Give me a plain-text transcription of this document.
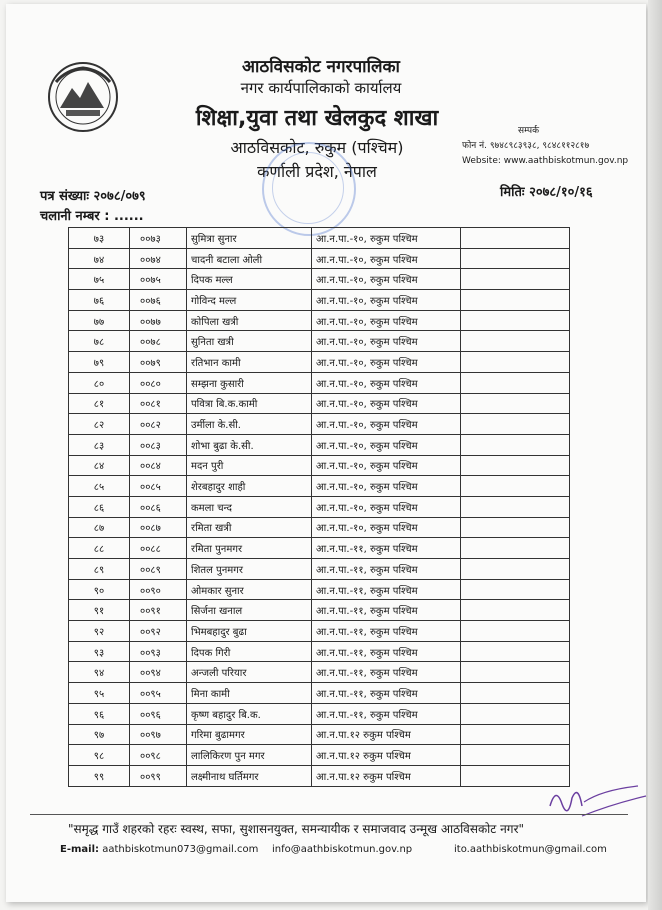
आठविसकोट नगरपालिका
नगर कार्यपालिकाको कार्यालय
शिक्षा,युवा तथा खेलकुद शाखा
आठविसकोट, रुकुम (पश्चिम)
कर्णाली प्रदेश, नेपाल
सम्पर्क
फोन नं. ९७४८९८३९३८, ९८४८११२८१७
Website: www.aathbiskotmun.gov.np
पत्र संख्याः २०७८/०७९	मितिः २०७८/१०/१६
चलानी नम्बर : ......
७३	००७३	सुमित्रा सुनार	आ.न.पा.-१०, रुकुम पश्चिम	
७४	००७४	चादनी बटाला ओली	आ.न.पा.-१०, रुकुम पश्चिम	
७५	००७५	दिपक मल्ल	आ.न.पा.-१०, रुकुम पश्चिम	
७६	००७६	गोविन्द मल्ल	आ.न.पा.-१०, रुकुम पश्चिम	
७७	००७७	कोपिला खत्री	आ.न.पा.-१०, रुकुम पश्चिम	
७८	००७८	सुनिता खत्री	आ.न.पा.-१०, रुकुम पश्चिम	
७९	००७९	रतिभान कामी	आ.न.पा.-१०, रुकुम पश्चिम	
८०	००८०	सम्झना कुसारी	आ.न.पा.-१०, रुकुम पश्चिम	
८१	००८१	पवित्रा बि.क.कामी	आ.न.पा.-१०, रुकुम पश्चिम	
८२	००८२	उर्मीला के.सी.	आ.न.पा.-१०, रुकुम पश्चिम	
८३	००८३	शोभा बुढा के.सी.	आ.न.पा.-१०, रुकुम पश्चिम	
८४	००८४	मदन पुरी	आ.न.पा.-१०, रुकुम पश्चिम	
८५	००८५	शेरबहादुर शाही	आ.न.पा.-१०, रुकुम पश्चिम	
८६	००८६	कमला चन्द	आ.न.पा.-१०, रुकुम पश्चिम	
८७	००८७	रमिता खत्री	आ.न.पा.-१०, रुकुम पश्चिम	
८८	००८८	रमिता पुनमगर	आ.न.पा.-११, रुकुम पश्चिम	
८९	००८९	शितल पुनमगर	आ.न.पा.-११, रुकुम पश्चिम	
९०	००९०	ओमकार सुनार	आ.न.पा.-११, रुकुम पश्चिम	
९१	००९१	सिर्जना खनाल	आ.न.पा.-११, रुकुम पश्चिम	
९२	००९२	भिमबहादुर बुढा	आ.न.पा.-११, रुकुम पश्चिम	
९३	००९३	दिपक गिरी	आ.न.पा.-११, रुकुम पश्चिम	
९४	००९४	अन्जली परियार	आ.न.पा.-११, रुकुम पश्चिम	
९५	००९५	मिना कामी	आ.न.पा.-११, रुकुम पश्चिम	
९६	००९६	कृष्ण बहादुर बि.क.	आ.न.पा.-११, रुकुम पश्चिम	
९७	००९७	गरिमा बुढामगर	आ.न.पा.१२ रुकुम पश्चिम	
९८	००९८	लालिकिरण पुन मगर	आ.न.पा.१२ रुकुम पश्चिम	
९९	००९९	लक्ष्मीनाथ घर्तिमगर	आ.न.पा.१२ रुकुम पश्चिम	
"समृद्ध गाउँ शहरको रहरः स्वस्थ, सफा, सुशासनयुक्त, समन्यायीक र समाजवाद उन्मूख आठविसकोट नगर"
E-mail: aathbiskotmun073@gmail.com info@aathbiskotmun.gov.np	ito.aathbiskotmun@gmail.com
